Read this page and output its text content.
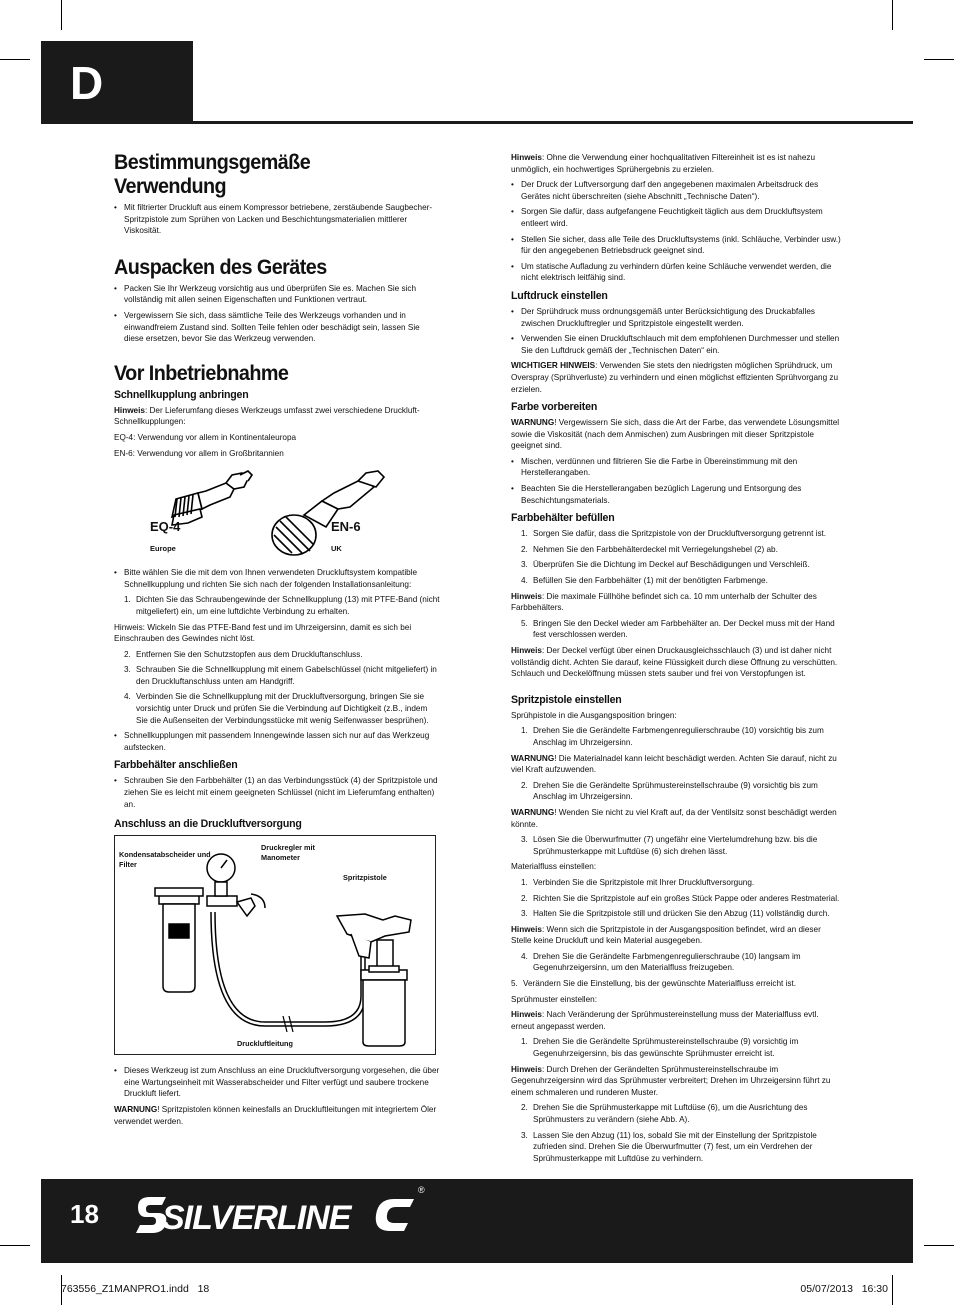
D
Bestimmungsgemäße Verwendung
• Mit filtrierter Druckluft aus einem Kompressor betriebene, zerstäubende Saugbecher-Spritzpistole zum Sprühen von Lacken und Beschichtungsmaterialien mittlerer Viskosität.
Auspacken des Gerätes
• Packen Sie Ihr Werkzeug vorsichtig aus und überprüfen Sie es. Machen Sie sich vollständig mit allen seinen Eigenschaften und Funktionen vertraut.
• Vergewissern Sie sich, dass sämtliche Teile des Werkzeugs vorhanden und in einwandfreiem Zustand sind. Sollten Teile fehlen oder beschädigt sein, lassen Sie diese ersetzen, bevor Sie das Werkzeug verwenden.
Vor Inbetriebnahme
Schnellkupplung anbringen

Hinweis: Der Lieferumfang dieses Werkzeugs umfasst zwei verschiedene Druckluft-Schnellkupplungen:

EQ-4: Verwendung vor allem in Kontinentaleuropa

EN-6: Verwendung vor allem in Großbritannien

EQ-4
Europe
EN-6
UK
• Bitte wählen Sie die mit dem von Ihnen verwendeten Druckluftsystem kompatible Schnellkupplung und richten Sie sich nach der folgenden Installationsanleitung:
1. Dichten Sie das Schraubengewinde der Schnellkupplung (13) mit PTFE-Band (nicht mitgeliefert) ein, um eine luftdichte Verbindung zu erhalten.

Hinweis: Wickeln Sie das PTFE-Band fest und im Uhrzeigersinn, damit es sich bei Einschrauben des Gewindes nicht löst.

2. Entfernen Sie den Schutzstopfen aus dem Druckluftanschluss.
3. Schrauben Sie die Schnellkupplung mit einem Gabelschlüssel (nicht mitgeliefert) in den Druckluftanschluss unten am Handgriff.
4. Verbinden Sie die Schnellkupplung mit der Druckluftversorgung, bringen Sie sie vorsichtig unter Druck und prüfen Sie die Verbindung auf Dichtigkeit (z.B., indem Sie die Außenseiten der Verbindungsstücke mit wenig Seifenwasser besprühen).
• Schnellkupplungen mit passendem Innengewinde lassen sich nur auf das Werkzeug aufstecken.
Farbbehälter anschließen
• Schrauben Sie den Farbbehälter (1) an das Verbindungsstück (4) der Spritzpistole und ziehen Sie es leicht mit einem geeigneten Schlüssel (nicht im Lieferumfang enthalten) an.
Anschluss an die Druckluftversorgung
Kondensatabscheider und Filter
Druckregler mit Manometer
Spritzpistole
Druckluftleitung
• Dieses Werkzeug ist zum Anschluss an eine Druckluftversorgung vorgesehen, die über eine Wartungseinheit mit Wasserabscheider und Filter verfügt und saubere trockene Druckluft liefert.

WARNUNG! Spritzpistolen können keinesfalls an Druckluftleitungen mit integriertem Öler verwendet werden.

Hinweis: Ohne die Verwendung einer hochqualitativen Filtereinheit ist es ist nahezu unmöglich, ein hochwertiges Sprühergebnis zu erzielen.

• Der Druck der Luftversorgung darf den angegebenen maximalen Arbeitsdruck des Gerätes nicht überschreiten (siehe Abschnitt „Technische Daten“).
• Sorgen Sie dafür, dass aufgefangene Feuchtigkeit täglich aus dem Druckluftsystem entleert wird.
• Stellen Sie sicher, dass alle Teile des Druckluftsystems (inkl. Schläuche, Verbinder usw.) für den angegebenen Betriebsdruck geeignet sind.
• Um statische Aufladung zu verhindern dürfen keine Schläuche verwendet werden, die nicht elektrisch leitfähig sind.
Luftdruck einstellen
• Der Sprühdruck muss ordnungsgemäß unter Berücksichtigung des Druckabfalles zwischen Druckluftregler und Spritzpistole eingestellt werden.
• Verwenden Sie einen Druckluftschlauch mit dem empfohlenen Durchmesser und stellen Sie den Luftdruck gemäß der „Technischen Daten“ ein.

WICHTIGER HINWEIS: Verwenden Sie stets den niedrigsten möglichen Sprühdruck, um Overspray (Sprühverluste) zu verhindern und einen möglichst effizienten Sprühvorgang zu erzielen.

Farbe vorbereiten

WARNUNG! Vergewissern Sie sich, dass die Art der Farbe, das verwendete Lösungsmittel sowie die Viskosität (nach dem Anmischen) zum Ausbringen mit dieser Spritzpistole geeignet sind.

• Mischen, verdünnen und filtrieren Sie die Farbe in Übereinstimmung mit den Herstellerangaben.
• Beachten Sie die Herstellerangaben bezüglich Lagerung und Entsorgung des Beschichtungsmaterials.
Farbbehälter befüllen
1. Sorgen Sie dafür, dass die Spritzpistole von der Druckluftversorgung getrennt ist.
2. Nehmen Sie den Farbbehälterdeckel mit Verriegelungshebel (2) ab.
3. Überprüfen Sie die Dichtung im Deckel auf Beschädigungen und Verschleiß.
4. Befüllen Sie den Farbbehälter (1) mit der benötigten Farbmenge.

Hinweis: Die maximale Füllhöhe befindet sich ca. 10 mm unterhalb der Schulter des Farbbehälters.

5. Bringen Sie den Deckel wieder am Farbbehälter an. Der Deckel muss mit der Hand fest verschlossen werden.

Hinweis: Der Deckel verfügt über einen Druckausgleichsschlauch (3) und ist daher nicht vollständig dicht. Achten Sie darauf, keine Flüssigkeit durch diese Öffnung zu verschütten. Schlauch und Deckelöffnung müssen stets sauber und frei von Verstopfungen ist.

Spritzpistole einstellen

Sprühpistole in die Ausgangsposition bringen:

1. Drehen Sie die Gerändelte Farbmengenregulierschraube (10) vorsichtig bis zum Anschlag im Uhrzeigersinn.

WARNUNG! Die Materialnadel kann leicht beschädigt werden. Achten Sie darauf, nicht zu viel Kraft aufzuwenden.

2. Drehen Sie die Gerändelte Sprühmustereinstellschraube (9) vorsichtig bis zum Anschlag im Uhrzeigersinn.

WARNUNG! Wenden Sie nicht zu viel Kraft auf, da der Ventilsitz sonst beschädigt werden könnte.

3. Lösen Sie die Überwurfmutter (7) ungefähr eine Viertelumdrehung bzw. bis die Sprühmusterkappe mit Luftdüse (6) sich drehen lässt.

Materialfluss einstellen:

1. Verbinden Sie die Spritzpistole mit Ihrer Druckluftversorgung.
2. Richten Sie die Spritzpistole auf ein großes Stück Pappe oder anderes Restmaterial.
3. Halten Sie die Spritzpistole still und drücken Sie den Abzug (11) vollständig durch.

Hinweis: Wenn sich die Spritzpistole in der Ausgangsposition befindet, wird an dieser Stelle keine Druckluft und kein Material ausgegeben.

4. Drehen Sie die Gerändelte Farbmengenregulierschraube (10) langsam im Gegenuhrzeigersinn, um den Materialfluss freizugeben.
5. Verändern Sie die Einstellung, bis der gewünschte Materialfluss erreicht ist.

Sprühmuster einstellen:

Hinweis: Nach Veränderung der Sprühmustereinstellung muss der Materialfluss evtl. erneut angepasst werden.

1. Drehen Sie die Gerändelte Sprühmustereinstellschraube (9) vorsichtig im Gegenuhrzeigersinn, bis das gewünschte Sprühmuster erreicht ist.

Hinweis: Durch Drehen der Gerändelten Sprühmustereinstellschraube im Gegenuhrzeigersinn wird das Sprühmuster verbreitert; Drehen im Uhrzeigersinn führt zu einem schmaleren und runderen Muster.

2. Drehen Sie die Sprühmusterkappe mit Luftdüse (6), um die Ausrichtung des Sprühmusters zu verändern (siehe Abb. A).
3. Lassen Sie den Abzug (11) los, sobald Sie mit der Einstellung der Spritzpistole zufrieden sind. Drehen Sie die Überwurfmutter (7) fest, um ein Verdrehen der Sprühmusterkappe mit Luftdüse zu verhindern.
18 SILVERLINE
®
763556_Z1MANPRO1.indd   18	05/07/2013   16:30
